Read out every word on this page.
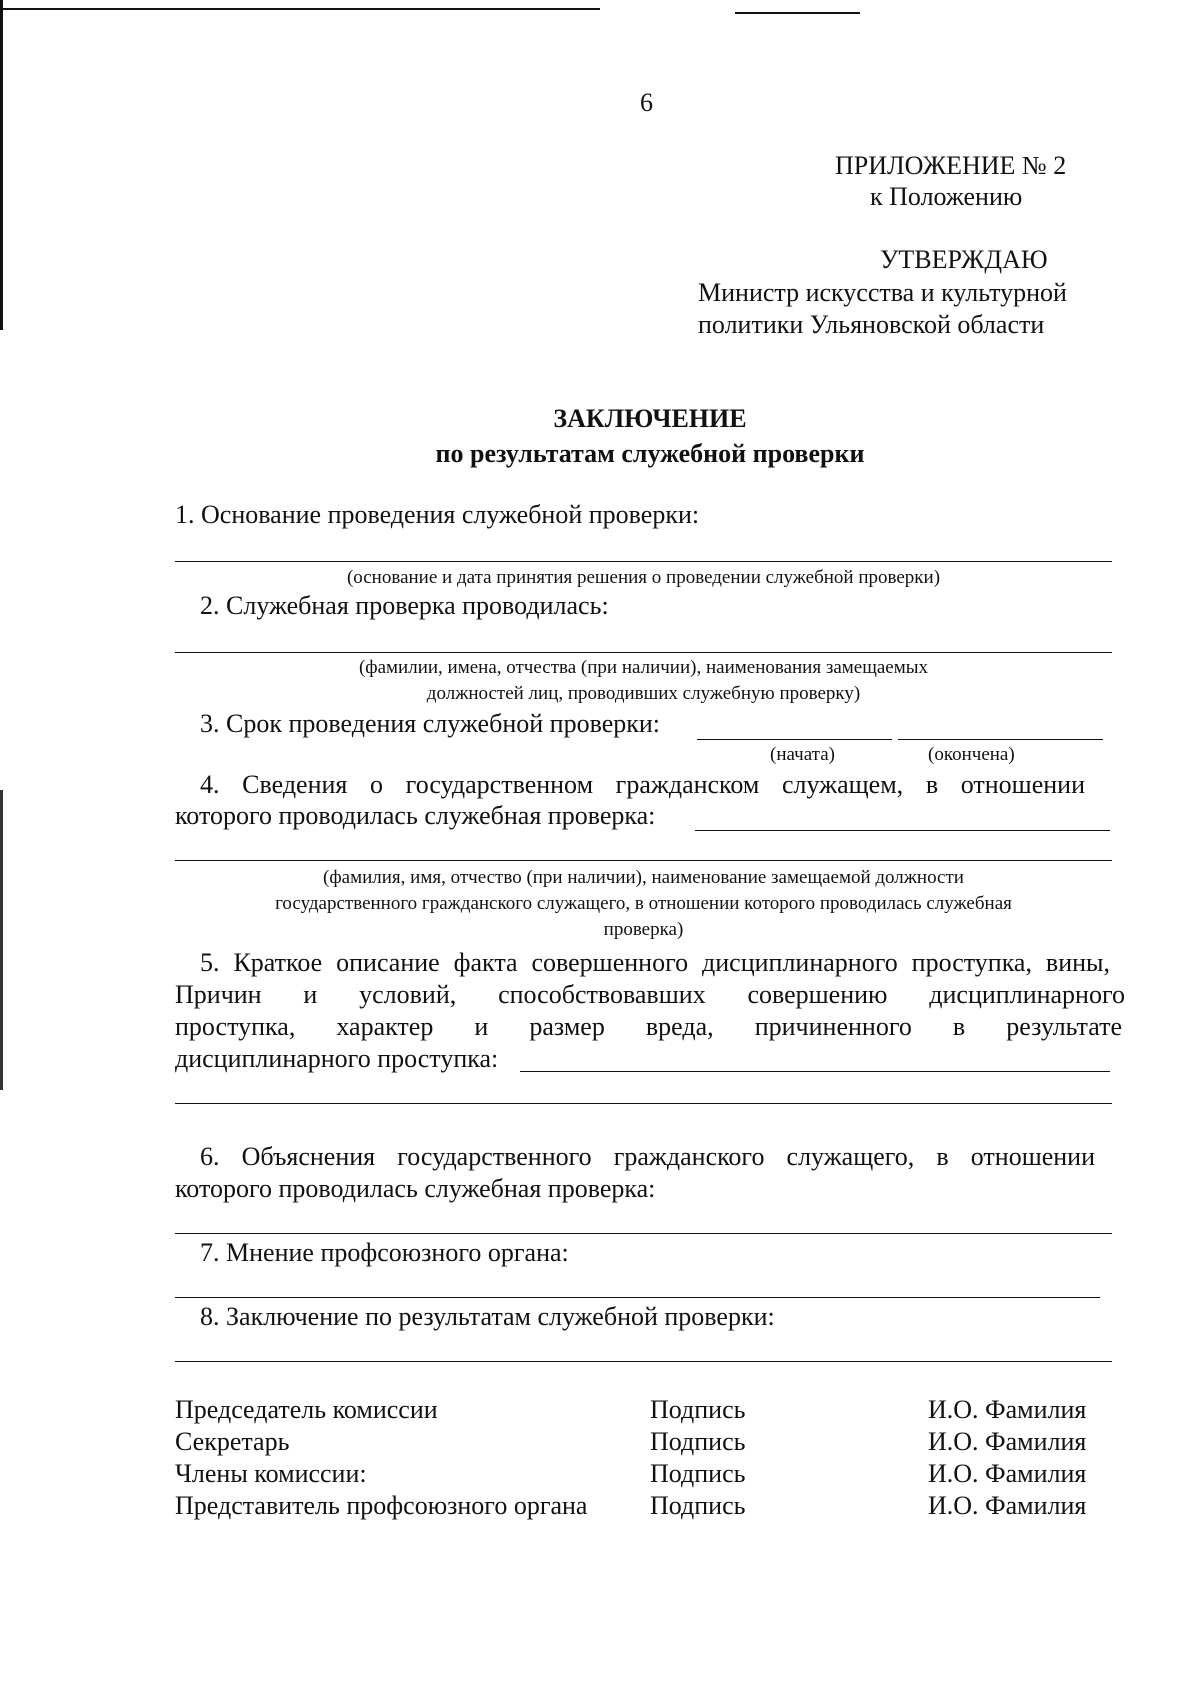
6
ПРИЛОЖЕНИЕ № 2
к Положению
УТВЕРЖДАЮ
Министр искусства и культурной
политики Ульяновской области
ЗАКЛЮЧЕНИЕ
по результатам служебной проверки
1. Основание проведения служебной проверки:
(основание и дата принятия решения о проведении служебной проверки)
2. Служебная проверка проводилась:
(фамилии, имена, отчества (при наличии), наименования замещаемых
должностей лиц, проводивших служебную проверку)
3. Срок проведения служебной проверки:
(начата)	(окончена)
4. Сведения о государственном гражданском служащем, в отношении
которого проводилась служебная проверка:
(фамилия, имя, отчество (при наличии), наименование замещаемой должности
государственного гражданского служащего, в отношении которого проводилась служебная
проверка)
5. Краткое описание факта совершенного дисциплинарного проступка, вины,
Причин и условий, способствовавших совершению дисциплинарного
проступка, характер и размер вреда, причиненного в результате
дисциплинарного проступка:
6. Объяснения государственного гражданского служащего, в отношении
которого проводилась служебная проверка:
7. Мнение профсоюзного органа:
8. Заключение по результатам служебной проверки:
Председатель комиссии	Подпись	И.О. Фамилия
Секретарь	Подпись	И.О. Фамилия
Члены комиссии:	Подпись	И.О. Фамилия
Представитель профсоюзного органа Подпись	И.О. Фамилия
